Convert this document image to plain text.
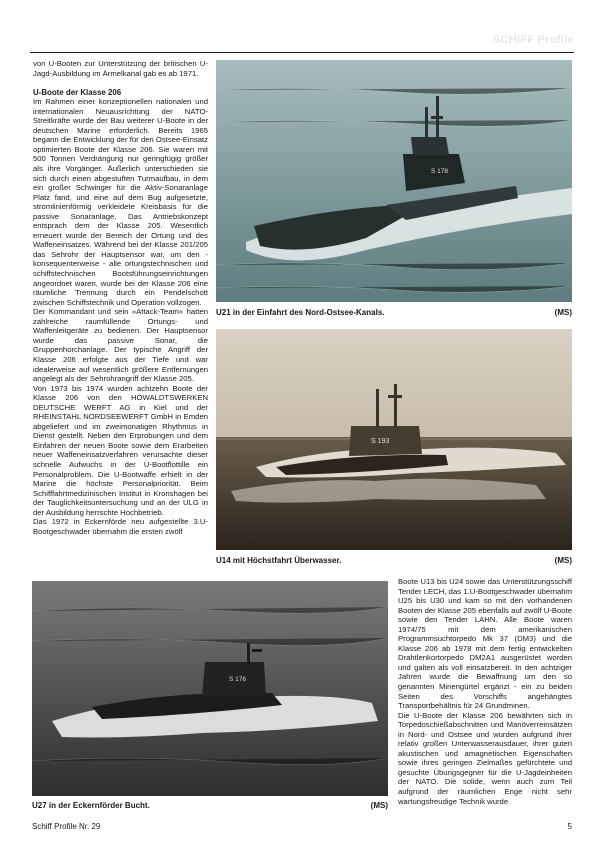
SCHIFF Profile

von U-Booten zur Unterstützung der britischen U-Jagd-Ausbildung im Ärmelkanal gab es ab 1971.

U-Boote der Klasse 206

Im Rahmen einer konzeptionellen nationalen und internationalen Neuausrichtung der NATO-Streitkräfte wurde der Bau weiterer U-Boote in der deutschen Marine erforderlich. Bereits 1965 begann die Entwicklung der für den Ostsee-Einsatz optimierten Boote der Klasse 206. Sie waren mit 500 Tonnen Verdrängung nur geringfügig größer als ihre Vorgänger. Äußerlich unterschieden sie sich durch einen abgestuften Turmaufbau, in dem ein großer Schwinger für die Aktiv-Sonaranlage Platz fand, und eine auf dem Bug aufgesetzte, stromlinienförmig verkleidete Kreisbasis für die passive Sonaranlage. Das Antriebskonzept entsprach dem der Klasse 205. Wesentlich erneuert wurde der Bereich der Ortung und des Waffeneinsatzes. Während bei der Klasse 201/205 das Sehrohr der Hauptsensor war, um den - konsequenterweise - alle ortungstechnischen und schiffstechnischen Bootsführungseinrichtungen angeordnet waren, wurde bei der Klasse 206 eine räumliche Trennung durch ein Pendelschott zwischen Schiffstechnik und Operation vollzogen.

Der Kommandant und sein »Attack-Team« hatten zahlreiche raumfüllende Ortungs- und Waffenleitgeräte zu bedienen. Der Hauptsensor wurde das passive Sonar, die Gruppenhorchanlage. Der typische Angriff der Klasse 206 erfolgte aus der Tiefe und war idealerweise auf wesentlich größere Entfernungen angelegt als der Sehrohrangriff der Klasse 205.

Von 1973 bis 1974 wurden achtzehn Boote der Klasse 206 von den HOWALDTSWERKEN DEUTSCHE WERFT AG in Kiel und der RHEINSTAHL NORDSEEWERFT GmbH in Emden abgeliefert und im zweimonatigen Rhythmus in Dienst gestellt. Neben den Erprobungen und dem Einfahren der neuen Boote sowie dem Erarbeiten neuer Waffeneinsatzverfahren verursachte dieser schnelle Aufwuchs in der U-Bootflottille ein Personalproblem. Die U-Bootwaffe erhielt in der Marine die höchste Personalpriorität. Beim Schifffahrtmedizinischen Institut in Kronshagen bei der Tauglichkeitsuntersuchung und an der ULG in der Ausbildung herrschte Hochbetrieb.

Das 1972 in Eckernförde neu aufgestellte 3.U-Bootgeschwader übernahm die ersten zwölf

S 178
U21 in der Einfahrt des Nord-Ostsee-Kanals.	(MS)
S 193
U14 mit Höchstfahrt Überwasser.	(MS)
S 176
U27 in der Eckernförder Bucht.	(MS)

Boote U13 bis U24 sowie das Unterstützungsschiff Tender LECH, das 1.U-Bootgeschwader übernahm U25 bis U30 und kam so mit den vorhandenen Booten der Klasse 205 ebenfalls auf zwölf U-Boote sowie den Tender LAHN. Alle Boote waren 1974/75 mit dem amerikanischen Programmsuchtorpedo Mk 37 (DM3) und die Klasse 206 ab 1978 mit dem fertig entwickelten Drahtlenkortorpedo DM2A1 ausgerüstet worden und galten als voll einsatzbereit. In den achtziger Jahren wurde die Bewaffnung um den so genannten Minengürtel ergänzt - ein zu beiden Seiten des Vorschiffs angehängtes Transportbehältnis für 24 Grundminen.

Die U-Boote der Klasse 206 bewährten sich in Torpedoschießabschnitten und Manöverreinsätzen in Nord- und Ostsee und wurden aufgrund ihrer relativ großen Unterwasserausdauer, ihrer guten akustischen und amagnetischen Eigenschaften sowie ihres geringen Zielmaßes gefürchtete und gesuchte Übungsgegner für die U-Jagdeinheiten der NATO. Die solide, wenn auch zum Teil aufgrund der räumlichen Enge nicht sehr wartungsfreudige Technik wurde

Schiff Profile Nr. 29	5
